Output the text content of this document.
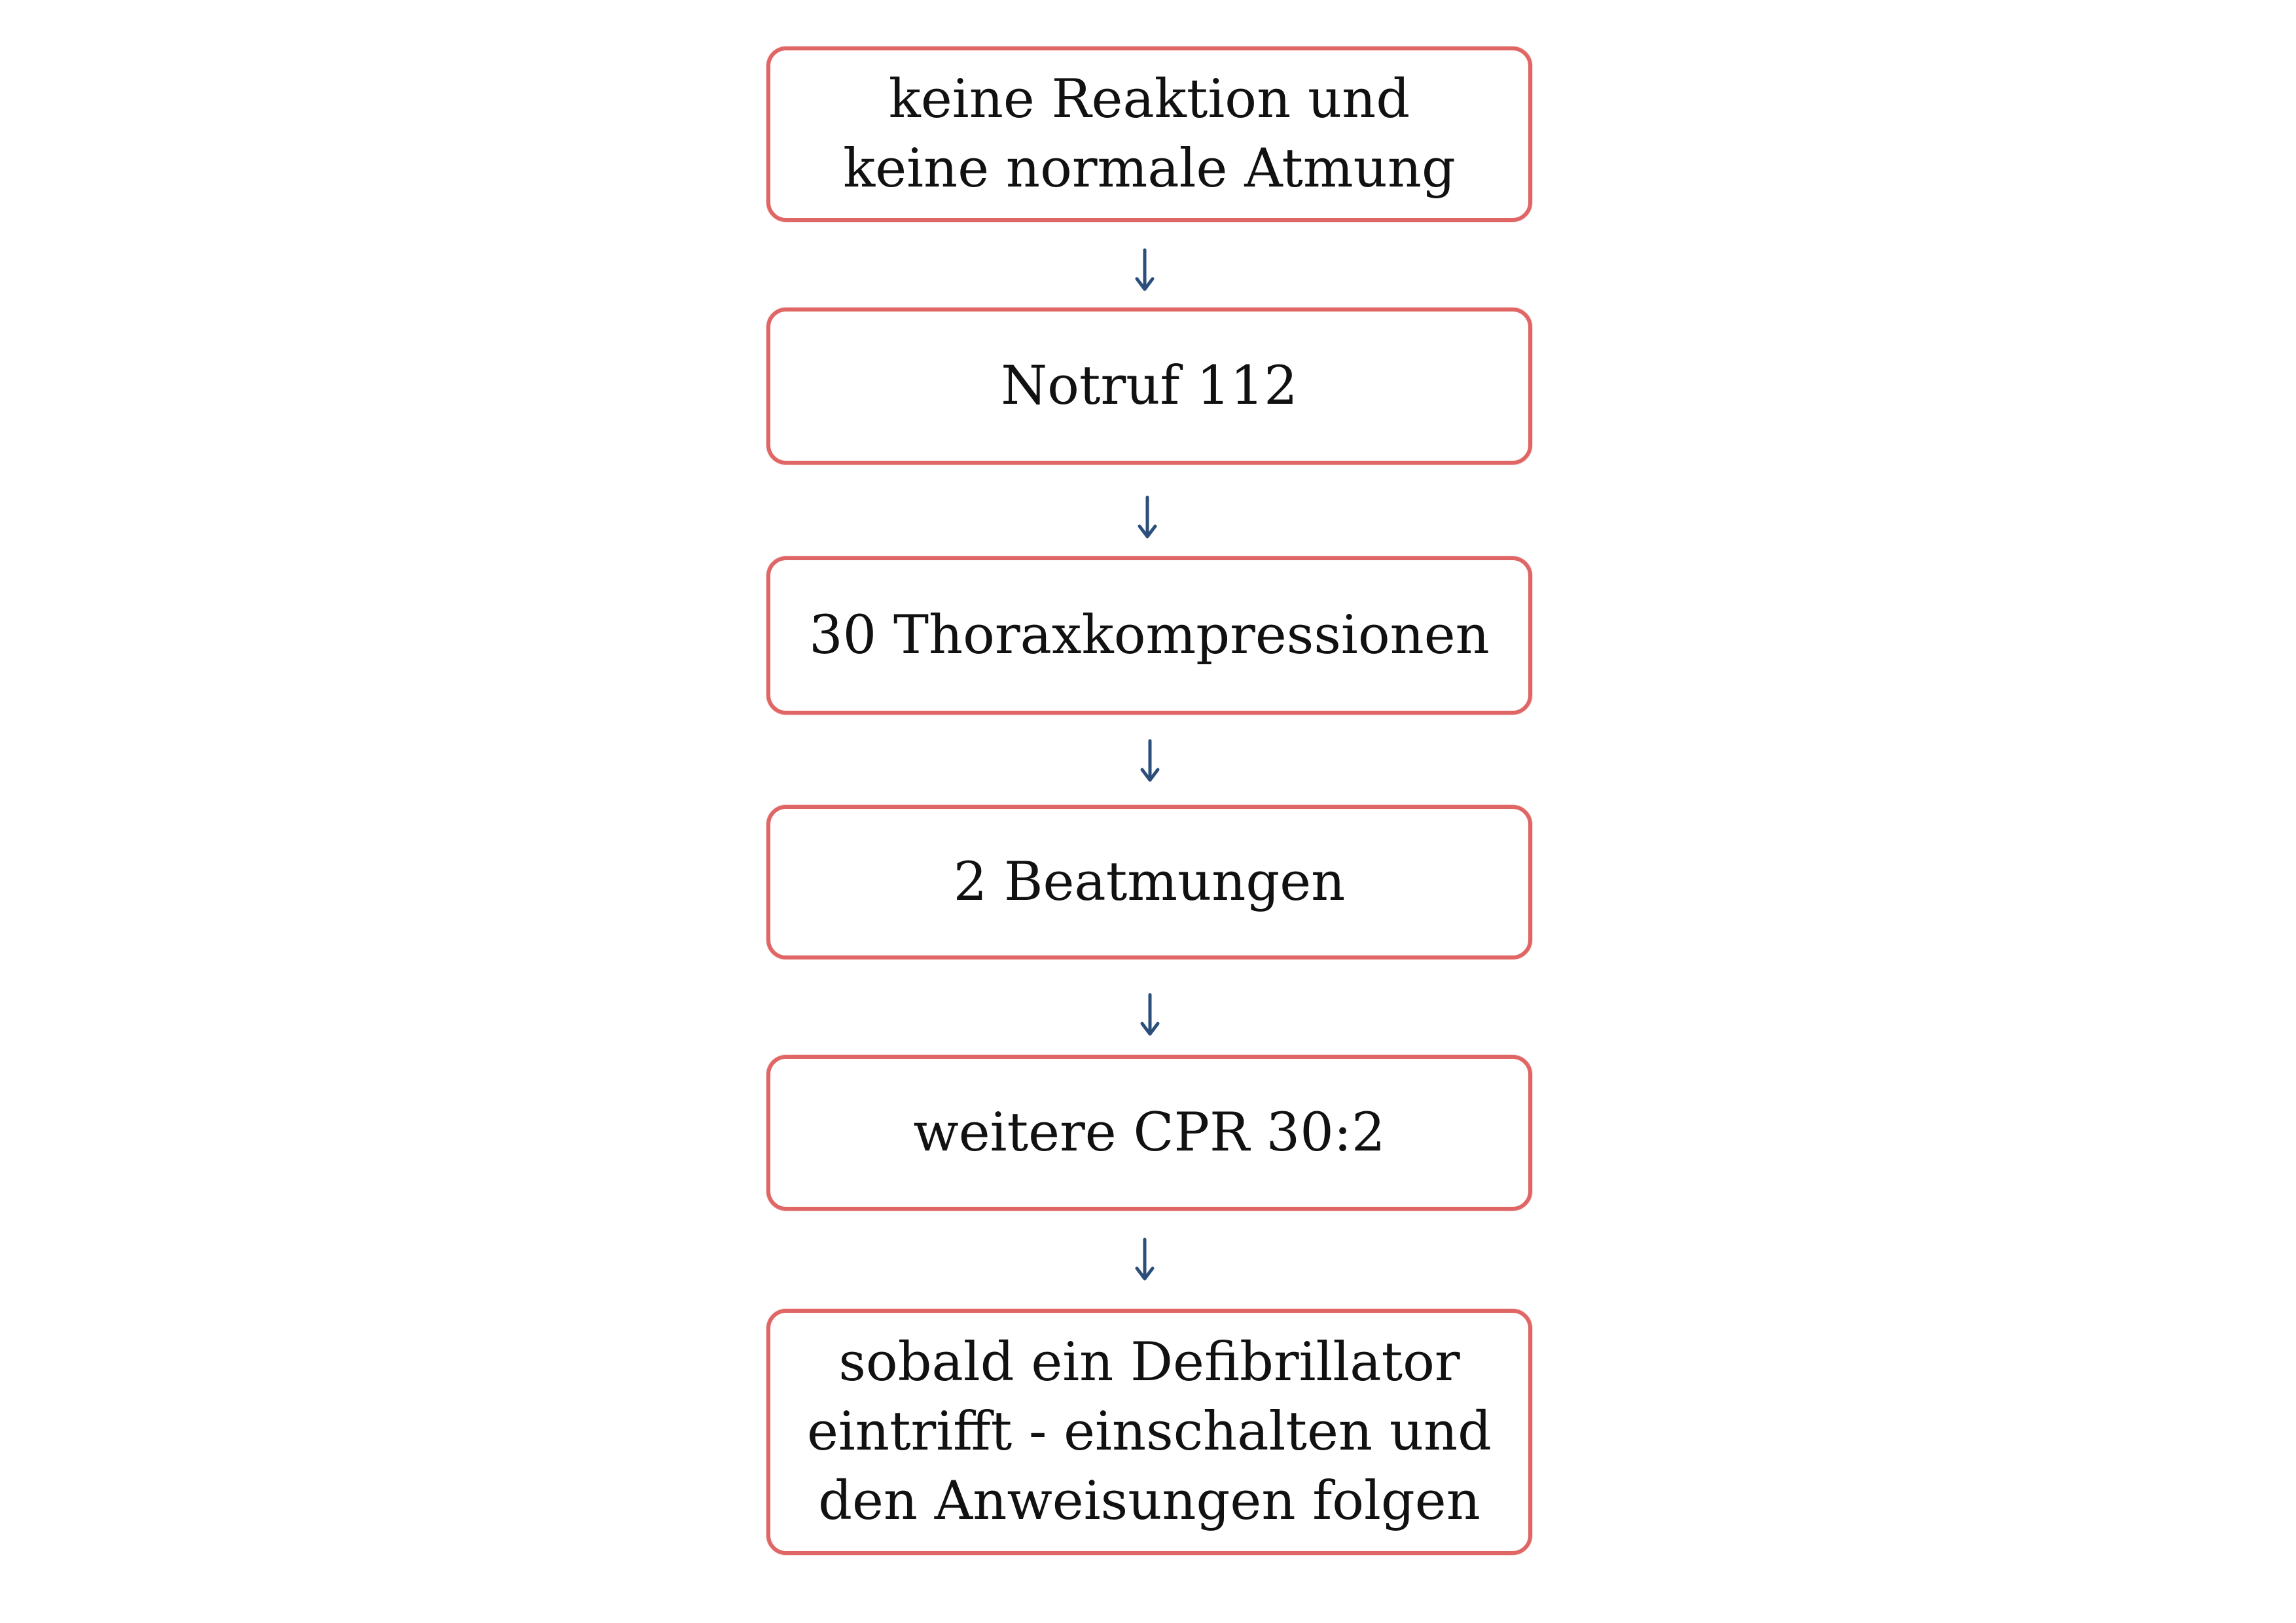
keine Reaktion und
keine normale Atmung
Notruf 112
30 Thoraxkompressionen
2 Beatmungen
weitere CPR 30:2
sobald ein Defibrillator
eintrifft - einschalten und
den Anweisungen folgen
